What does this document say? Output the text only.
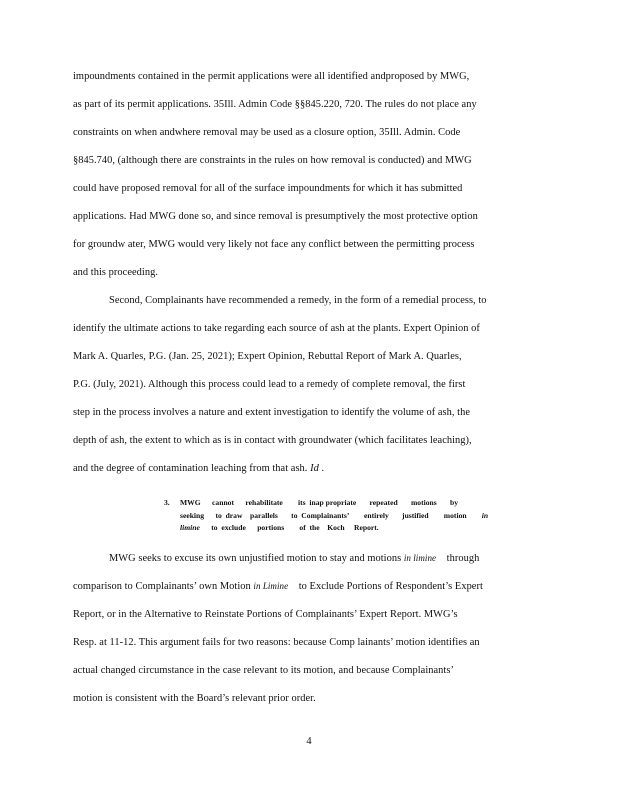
impoundments contained in the permit applications were all identified andproposed by MWG,
as part of its permit applications. 35Ill. Admin Code §§845.220, 720. The rules do not place any
constraints on when andwhere removal may be used as a closure option, 35Ill. Admin. Code
§845.740, (although there are constraints in the rules on how removal is conducted) and MWG
could have proposed removal for all of the surface impoundments for which it has submitted
applications. Had MWG done so, and since removal is presumptively the most protective option
for groundw ater, MWG would very likely not face any conflict between the permitting process
and this proceeding.
Second, Complainants have recommended a remedy, in the form of a remedial process, to
identify the ultimate actions to take regarding each source of ash at the plants. Expert Opinion of
Mark A. Quarles, P.G. (Jan. 25, 2021); Expert Opinion, Rebuttal Report of Mark A. Quarles,
P.G. (July, 2021). Although this process could lead to a remedy of complete removal, the first
step in the process involves a nature and extent investigation to identify the volume of ash, the
depth of ash, the extent to which as is in contact with groundwater (which facilitates leaching),
and the degree of contamination leaching from that ash. Id .
3. MWG      cannot      rehabilitate        its  inap propriate       repeated       motions       by
seeking      to  draw    parallels       to  Complainants’        entirely       justified        motion in
limine to  exclude      portions        of  the    Koch     Report.
MWG seeks to excuse its own unjustified motion to stay and motions in limine through
comparison to Complainants’ own Motion in Limine to Exclude Portions of Respondent’s Expert
Report, or in the Alternative to Reinstate Portions of Complainants’ Expert Report. MWG’s
Resp. at 11-12. This argument fails for two reasons: because Comp lainants’ motion identifies an
actual changed circumstance in the case relevant to its motion, and because Complainants’
motion is consistent with the Board’s relevant prior order.
4
